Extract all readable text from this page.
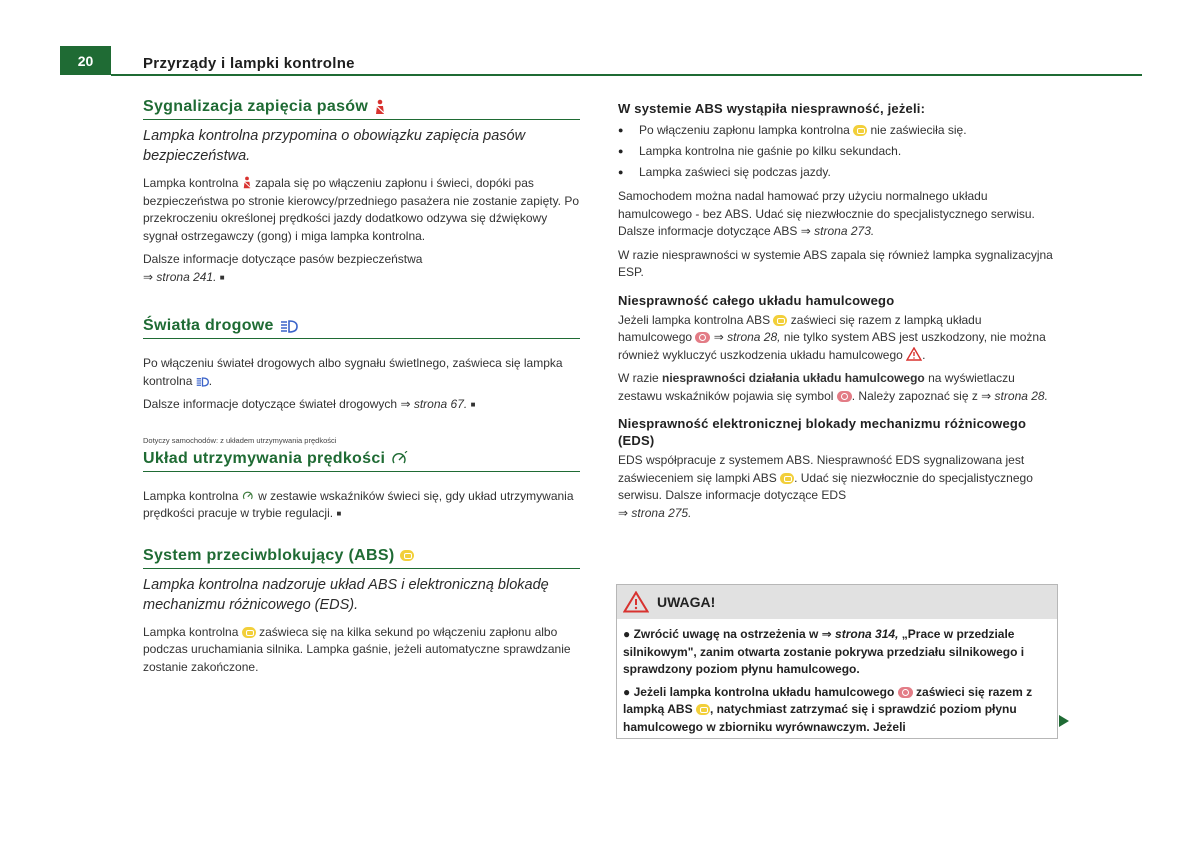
20	Przyrządy i lampki kontrolne
Sygnalizacja zapięcia pasów
Lampka kontrolna przypomina o obowiązku zapięcia pasów bezpieczeństwa.

Lampka kontrolna zapala się po włączeniu zapłonu i świeci, dopóki pas bezpieczeństwa po stronie kierowcy/przedniego pasażera nie zostanie zapięty. Po przekroczeniu określonej prędkości jazdy dodatkowo odzywa się dźwiękowy sygnał ostrzegawczy (gong) i miga lampka kontrolna.

Dalsze informacje dotyczące pasów bezpieczeństwa
⇒ strona 241. ■

Światła drogowe

Po włączeniu świateł drogowych albo sygnału świetlnego, zaświeca się lampka kontrolna .

Dalsze informacje dotyczące świateł drogowych ⇒ strona 67. ■

Dotyczy samochodów: z układem utrzymywania prędkości
Układ utrzymywania prędkości

Lampka kontrolna w zestawie wskaźników świeci się, gdy układ utrzymywania prędkości pracuje w trybie regulacji. ■

System przeciwblokujący (ABS)
Lampka kontrolna nadzoruje układ ABS i elektroniczną blokadę mechanizmu różnicowego (EDS).

Lampka kontrolna zaświeca się na kilka sekund po włączeniu zapłonu albo podczas uruchamiania silnika. Lampka gaśnie, jeżeli automatyczne sprawdzanie zostanie zakończone.

W systemie ABS wystąpiła niesprawność, jeżeli:
● Po włączeniu zapłonu lampka kontrolna nie zaświeciła się.
● Lampka kontrolna nie gaśnie po kilku sekundach.
● Lampka zaświeci się podczas jazdy.

Samochodem można nadal hamować przy użyciu normalnego układu hamulcowego - bez ABS. Udać się niezwłocznie do specjalistycznego serwisu. Dalsze informacje dotyczące ABS ⇒ strona 273.

W razie niesprawności w systemie ABS zapala się również lampka sygnalizacyjna ESP.

Niesprawność całego układu hamulcowego

Jeżeli lampka kontrolna ABS zaświeci się razem z lampką układu hamulcowego ⇒ strona 28, nie tylko system ABS jest uszkodzony, nie można również wykluczyć uszkodzenia układu hamulcowego .

W razie niesprawności działania układu hamulcowego na wyświetlaczu zestawu wskaźników pojawia się symbol . Należy zapoznać się z ⇒ strona 28.

Niesprawność elektronicznej blokady mechanizmu różnicowego (EDS)

EDS współpracuje z systemem ABS. Niesprawność EDS sygnalizowana jest zaświeceniem się lampki ABS . Udać się niezwłocznie do specjalistycznego serwisu. Dalsze informacje dotyczące EDS
⇒ strona 275.

UWAGA!

● Zwrócić uwagę na ostrzeżenia w ⇒ strona 314, „Prace w przedziale silnikowym", zanim otwarta zostanie pokrywa przedziału silnikowego i sprawdzony poziom płynu hamulcowego.

● Jeżeli lampka kontrolna układu hamulcowego zaświeci się razem z lampką ABS , natychmiast zatrzymać się i sprawdzić poziom płynu hamulcowego w zbiorniku wyrównawczym. Jeżeli
